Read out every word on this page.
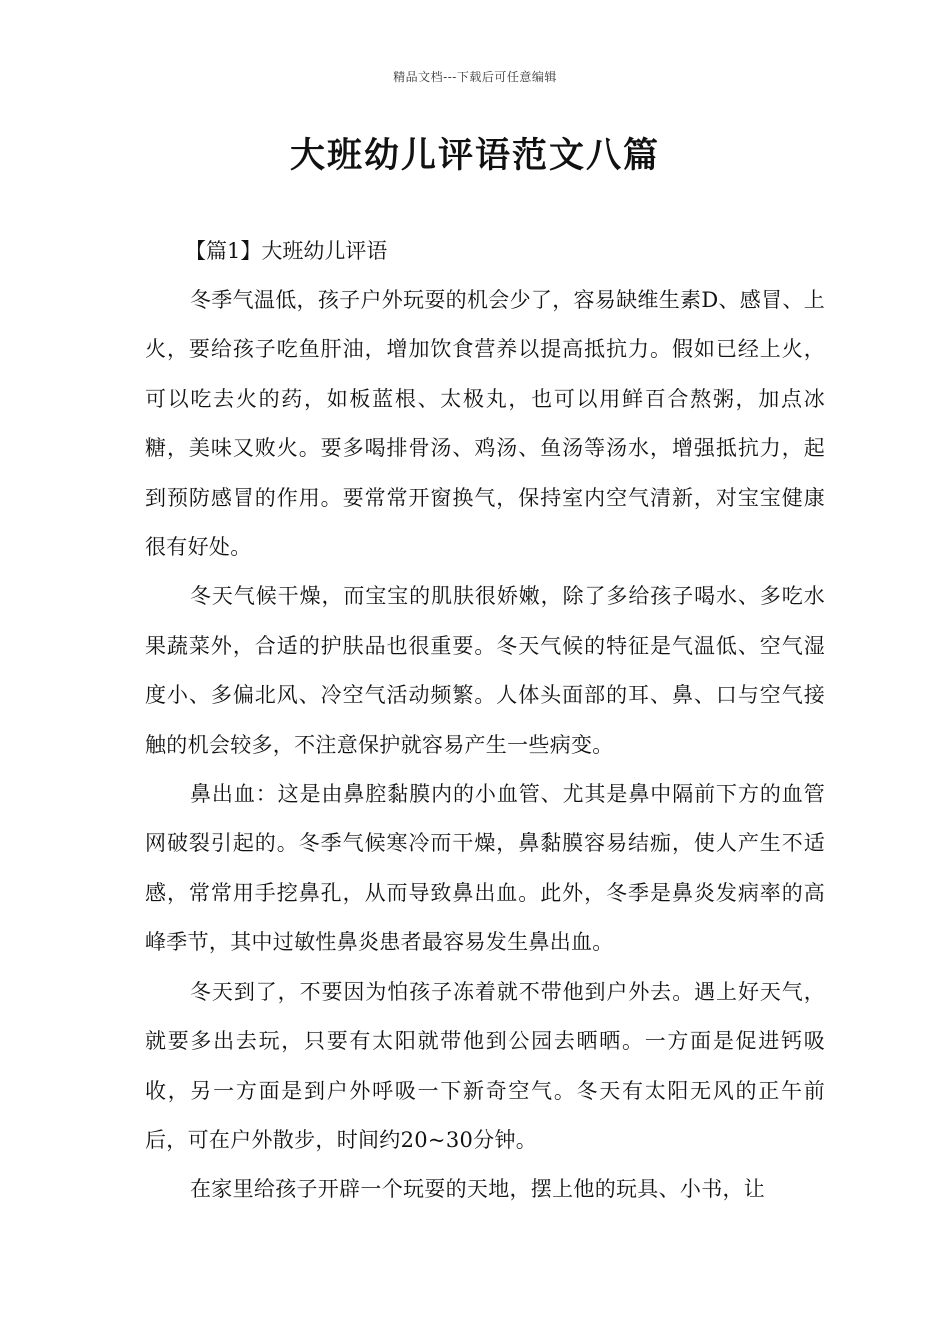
精品文档---下载后可任意编辑
大班幼儿评语范文八篇

【篇1】大班幼儿评语

冬季气温低，孩子户外玩耍的机会少了，容易缺维生素D、感冒、上火，要给孩子吃鱼肝油，增加饮食营养以提高抵抗力。假如已经上火，可以吃去火的药，如板蓝根、太极丸，也可以用鲜百合熬粥，加点冰糖，美味又败火。要多喝排骨汤、鸡汤、鱼汤等汤水，增强抵抗力，起到预防感冒的作用。要常常开窗换气，保持室内空气清新，对宝宝健康很有好处。

冬天气候干燥，而宝宝的肌肤很娇嫩，除了多给孩子喝水、多吃水果蔬菜外，合适的护肤品也很重要。冬天气候的特征是气温低、空气湿度小、多偏北风、冷空气活动频繁。人体头面部的耳、鼻、口与空气接触的机会较多，不注意保护就容易产生一些病变。

鼻出血：这是由鼻腔黏膜内的小血管、尤其是鼻中隔前下方的血管网破裂引起的。冬季气候寒冷而干燥，鼻黏膜容易结痂，使人产生不适感，常常用手挖鼻孔，从而导致鼻出血。此外，冬季是鼻炎发病率的高峰季节，其中过敏性鼻炎患者最容易发生鼻出血。

冬天到了，不要因为怕孩子冻着就不带他到户外去。遇上好天气，就要多出去玩，只要有太阳就带他到公园去晒晒。一方面是促进钙吸收，另一方面是到户外呼吸一下新奇空气。冬天有太阳无风的正午前后，可在户外散步，时间约20~30分钟。

在家里给孩子开辟一个玩耍的天地，摆上他的玩具、小书，让
